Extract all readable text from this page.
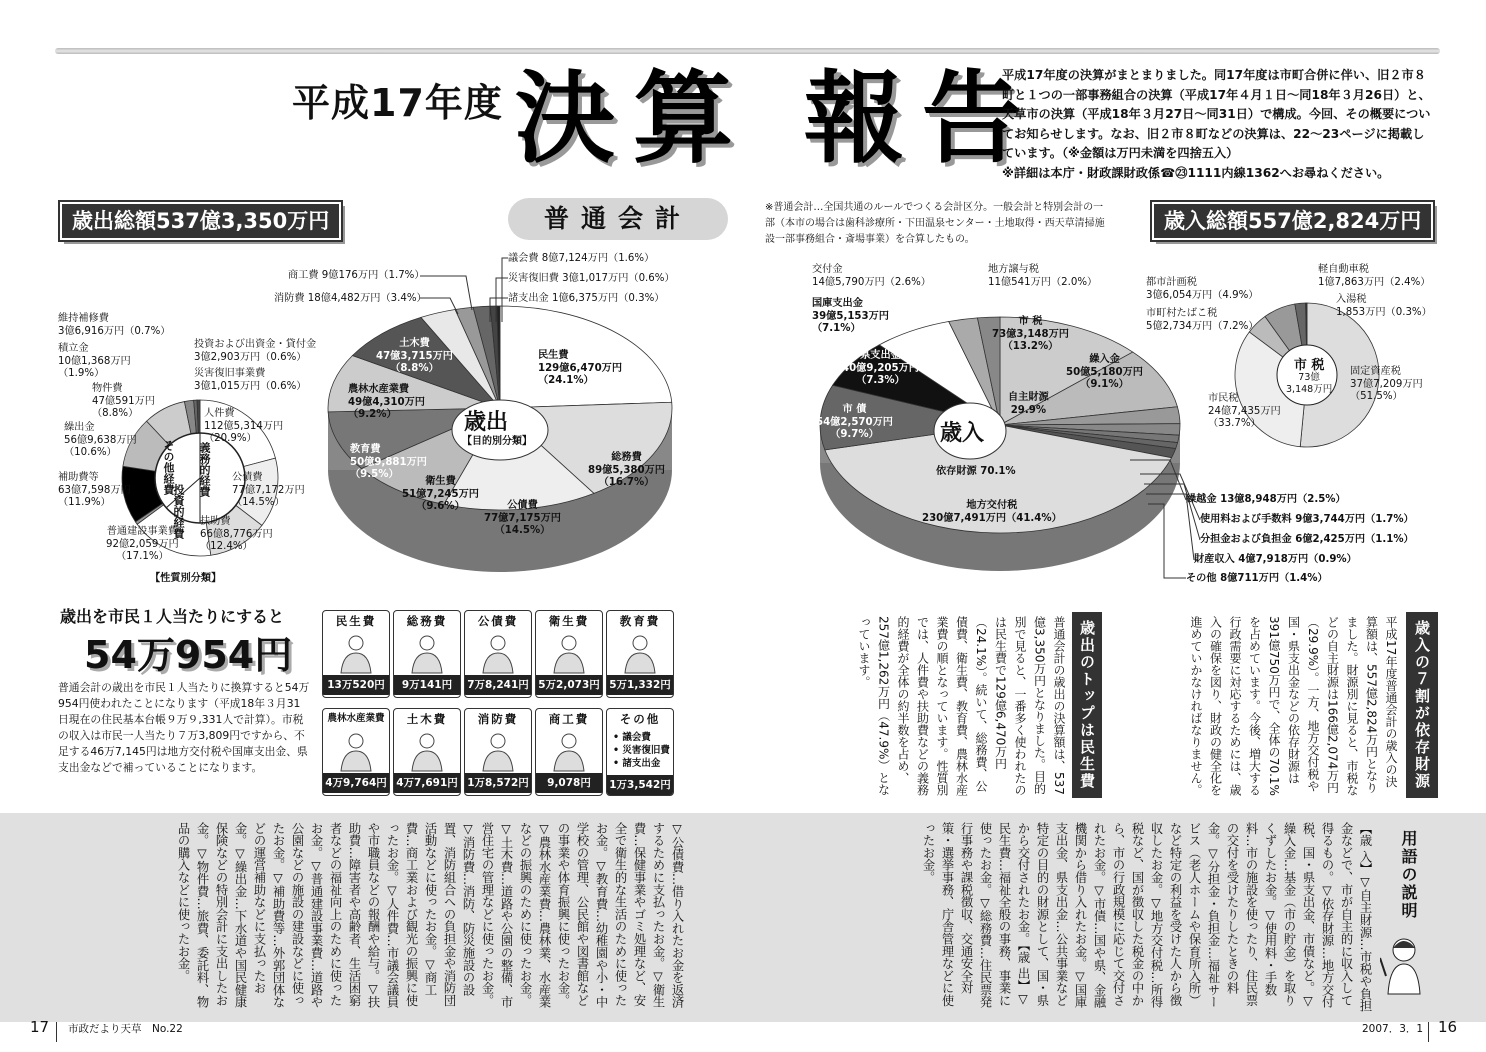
平成17年度 決算 報告
平成17年度の決算がまとまりました。同17年度は市町合併に伴い、旧２市８町と１つの一部事務組合の決算（平成17年４月１日～同18年３月26日）と、天草市の決算（平成18年３月27日～同31日）で構成。今回、その概要についてお知らせします。なお、旧２市８町などの決算は、22～23ページに掲載しています。（※金額は万円未満を四捨五入）
※詳細は本庁・財政課財政係☎㉓1111内線1362へお尋ねください。
歳出総額537億3,350万円	普通会計	※普通会計…全国共通のルールでつくる会計区分。一般会計と特別会計の一部（本市の場合は歯科診療所・下田温泉センター・土地取得・西天草清掃施設一部事務組合・斎場事業）を合算したもの。
歳入総額557億2,824万円
歳出
【目的別分類】
民生費
129億6,470万円
（24.1%）
総務費
89億5,380万円
（16.7%）
公債費
77億7,175万円
（14.5%）
衛生費
51億7,245万円
（9.6%）
教育費
50億9,881万円
（9.5%）
農林水産業費
49億4,310万円
（9.2%）
土木費
47億3,715万円
（8.8%）
商工費 9億176万円（1.7%）
消防費 18億4,482万円（3.4%）
議会費 8億7,124万円（1.6%）
災害復旧費 3億1,017万円（0.6%）
諸支出金 1億6,375万円（0.3%）
義務的経費
投資的経費
その他経費
維持補修費
3億6,916万円（0.7%）
積立金
10億1,368万円
（1.9%）
物件費
47億591万円
（8.8%）
繰出金
56億9,638万円
（10.6%）
補助費等
63億7,598万円
（11.9%）
普通建設事業費
92億2,059万円
（17.1%）
扶助費
66億8,776万円
（12.4%）
公債費
77億7,172万円
（14.5%）
人件費
112億5,314万円
（20.9%）
投資および出資金・貸付金
3億2,903万円（0.6%）
災害復旧事業費
3億1,015万円（0.6%）
【性質別分類】
歳入
自主財源
29.9%
依存財源 70.1%
市 税
73億3,148万円
（13.2%）
繰入金
50億5,180万円
（9.1%）
地方交付税
230億7,491万円（41.4%）
市 債
54億2,570万円
（9.7%）
県支出金
40億9,205万円
（7.3%）
国庫支出金
39億5,153万円
（7.1%）
交付金
14億5,790万円（2.6%）
地方譲与税
11億541万円（2.0%）
繰越金 13億8,948万円（2.5%）
使用料および手数料 9億3,744万円（1.7%）
分担金および負担金 6億2,425万円（1.1%）
財産収入 4億7,918万円（0.9%）
その他 8億711万円（1.4%）
市 税
73億
3,148万円
固定資産税
37億7,209万円
（51.5%）
市民税
24億7,435万円
（33.7%）
都市計画税
3億6,054万円（4.9%）
市町村たばこ税
5億2,734万円（7.2%）
軽自動車税
1億7,863万円（2.4%）
入湯税
1,853万円（0.3%）
歳出を市民１人当たりにすると
54万954円
普通会計の歳出を市民１人当たりに換算すると54万954円使われたことになります（平成18年３月31日現在の住民基本台帳９万９,331人で計算）。市税の収入は市民一人当たり７万3,809円ですから、不足する46万7,145円は地方交付税や国庫支出金、県支出金などで補っていることになります。
民生費
13万520円
総務費
9万141円
公債費
7万8,241円
衛生費
5万2,073円
教育費
5万1,332円
農林水産業費
4万9,764円
土木費
4万7,691円
消防費
1万8,572円
商工費
9,078円
その他
• 議会費
• 災害復旧費
• 諸支出金
1万3,542円	歳入の７割が依存財源
平成17年度普通会計の歳入の決算額は、557億2,824万円となりました。財源別に見ると、市税などの自主財源は166億2,074万円（29.9%）。一方、地方交付税や国・県支出金などの依存財源は391億750万円で、全体の70.1%を占めています。今後、増大する行政需要に対応するためには、歳入の確保を図り、財政の健全化を進めていかなければなりません。
歳出のトップは民生費
普通会計の歳出の決算額は、537億3,350万円となりました。目的別で見ると、一番多く使われたのは民生費で129億6,470万円（24.1%）。続いて、総務費、公債費、衛生費、教育費、農林水産業費の順となっています。性質別では、人件費や扶助費などの義務的経費が全体の約半数を占め、257億1,262万円（47.9%）となっています。
用語の説明
【歳 入】▽自主財源…市税や負担金などで、市が自主的に収入して得るもの。▽依存財源…地方交付税、国・県支出金、市債など。▽繰入金…基金（市の貯金）を取りくずしたお金。▽使用料・手数料…市の施設を使ったり、住民票の交付を受けたりしたときの料金。▽分担金・負担金…福祉サービス（老人ホームや保育所入所）など特定の利益を受けた人から徴収したお金。▽地方交付税…所得税など、国が徴収した税金の中から、市の行政規模に応じて交付されたお金。▽市債…国や県、金融機関から借り入れたお金。▽国庫支出金、県支出金…公共事業など特定の目的の財源として、国・県から交付されたお金。【歳 出】▽民生費…福祉全般の事務、事業に使ったお金。▽総務費…住民票発行事務や課税徴収、交通安全対策・選挙事務、庁舎管理などに使ったお金。
▽公債費…借り入れたお金を返済するために支払ったお金。▽衛生費…保健事業やゴミ処理など、安全で衛生的な生活のために使ったお金。▽教育費…幼稚園や小・中学校の管理、公民館や図書館などの事業や体育振興に使ったお金。▽農林水産業費…農林業、水産業などの振興のために使ったお金。▽土木費…道路や公園の整備、市営住宅の管理などに使ったお金。▽消防費…消防、防災施設の設置、消防組合への負担金や消防団活動などに使ったお金。▽商工費…商工業および観光の振興に使ったお金。▽人件費…市議会議員や市職員などの報酬や給与。▽扶助費…障害者や高齢者、生活困窮者などの福祉向上のために使ったお金。▽普通建設事業費…道路や公園などの施設の建設などに使ったお金。▽補助費等…外郭団体などの運営補助などに支払ったお金。▽繰出金…下水道や国民健康保険などの特別会計に支出したお金。▽物件費…旅費、委託料、物品の購入などに使ったお金。
17 市政だより天草　No.22	2007．3．1 16
